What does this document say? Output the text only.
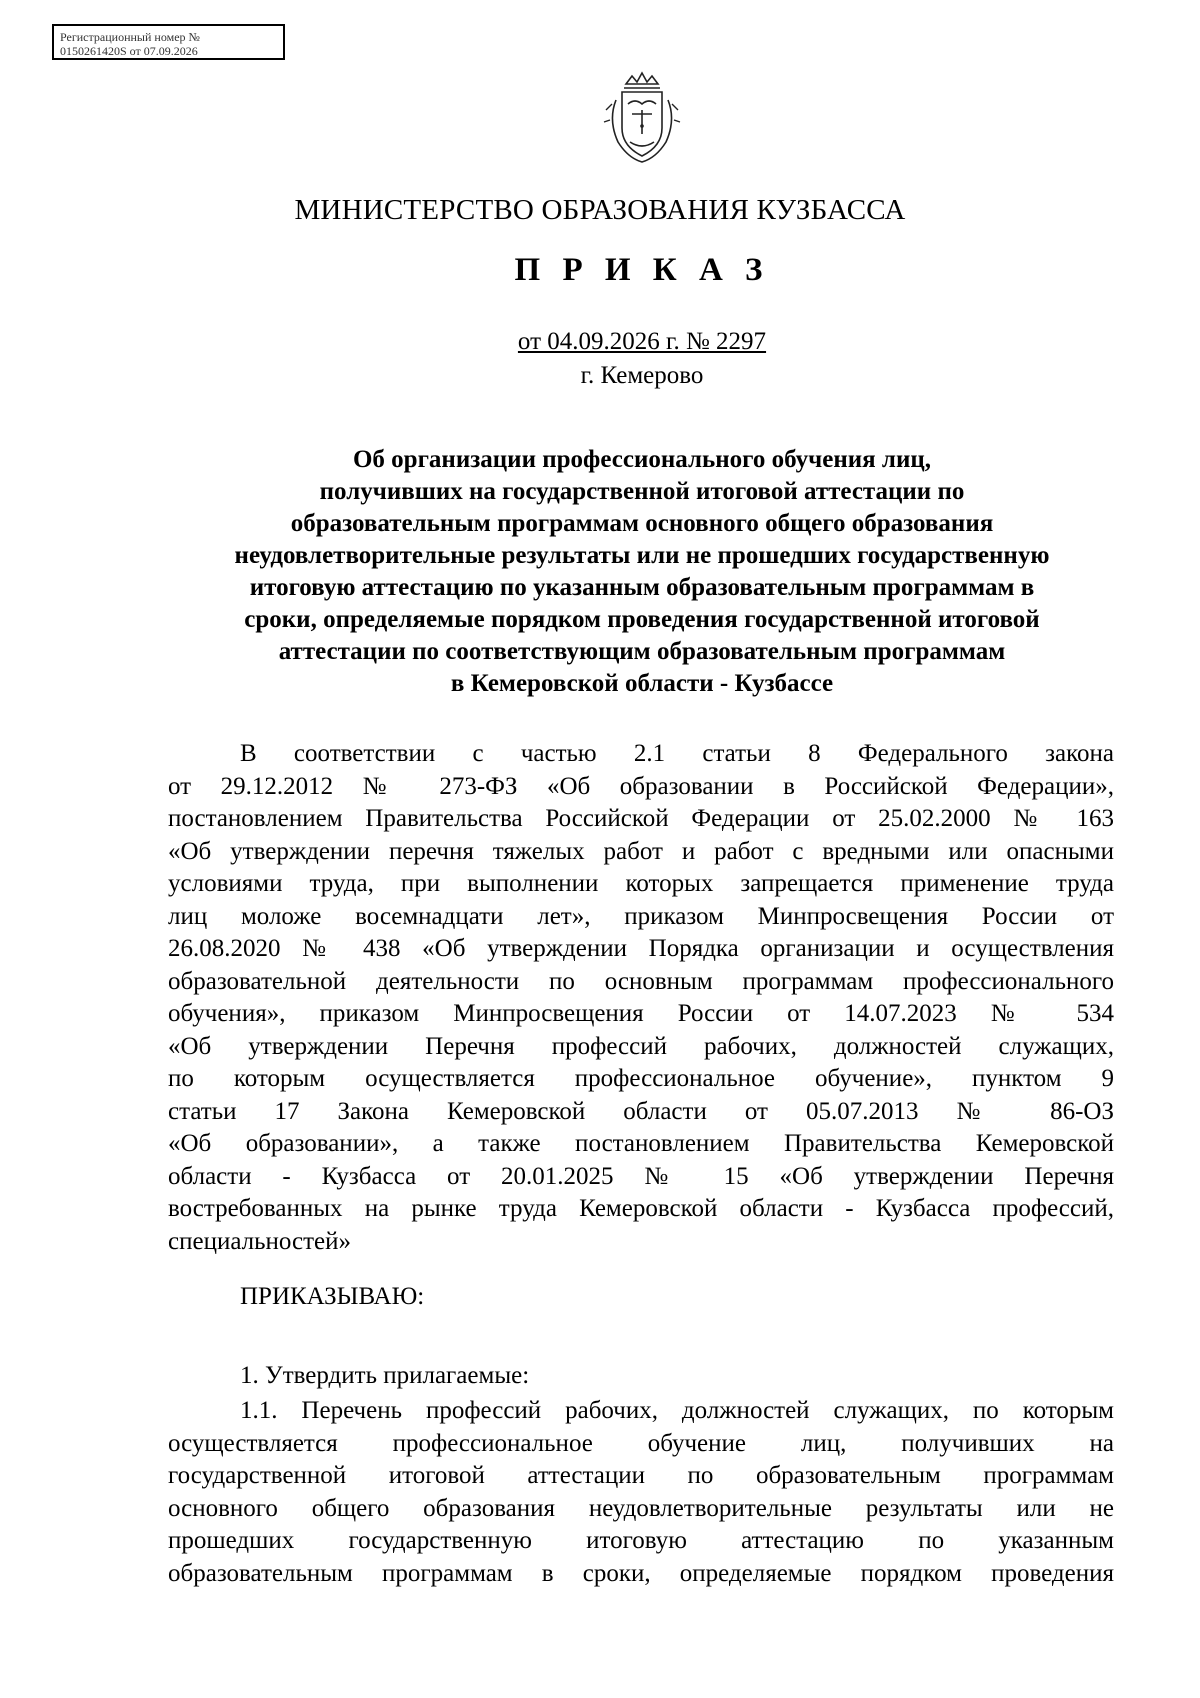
Регистрационный номер №
0150261420S от 07.09.2026
МИНИСТЕРСТВО ОБРАЗОВАНИЯ КУЗБАССА
П Р И К А З
от 04.09.2026 г. № 2297
г. Кемерово
Об организации профессионального обучения лиц,
получивших на государственной итоговой аттестации по
образовательным программам основного общего образования
неудовлетворительные результаты или не прошедших государственную
итоговую аттестацию по указанным образовательным программам в
сроки, определяемые порядком проведения государственной итоговой
аттестации по соответствующим образовательным программам
в Кемеровской области - Кузбассе
В соответствии с частью 2.1 статьи 8 Федерального закона
от 29.12.2012 № 273-ФЗ «Об образовании в Российской Федерации»,
постановлением Правительства Российской Федерации от 25.02.2000 № 163
«Об утверждении перечня тяжелых работ и работ с вредными или опасными
условиями труда, при выполнении которых запрещается применение труда
лиц моложе восемнадцати лет», приказом Минпросвещения России от
26.08.2020 № 438 «Об утверждении Порядка организации и осуществления
образовательной деятельности по основным программам профессионального
обучения», приказом Минпросвещения России от 14.07.2023 № 534
«Об утверждении Перечня профессий рабочих, должностей служащих,
по которым осуществляется профессиональное обучение», пунктом 9
статьи 17 Закона Кемеровской области от 05.07.2013 № 86-ОЗ
«Об образовании», а также постановлением Правительства Кемеровской
области - Кузбасса от 20.01.2025 № 15 «Об утверждении Перечня
востребованных на рынке труда Кемеровской области - Кузбасса профессий,
специальностей»
ПРИКАЗЫВАЮ:
1. Утвердить прилагаемые:
1.1. Перечень профессий рабочих, должностей служащих, по которым
осуществляется профессиональное обучение лиц, получивших на
государственной итоговой аттестации по образовательным программам
основного общего образования неудовлетворительные результаты или не
прошедших государственную итоговую аттестацию по указанным
образовательным программам в сроки, определяемые порядком проведения
